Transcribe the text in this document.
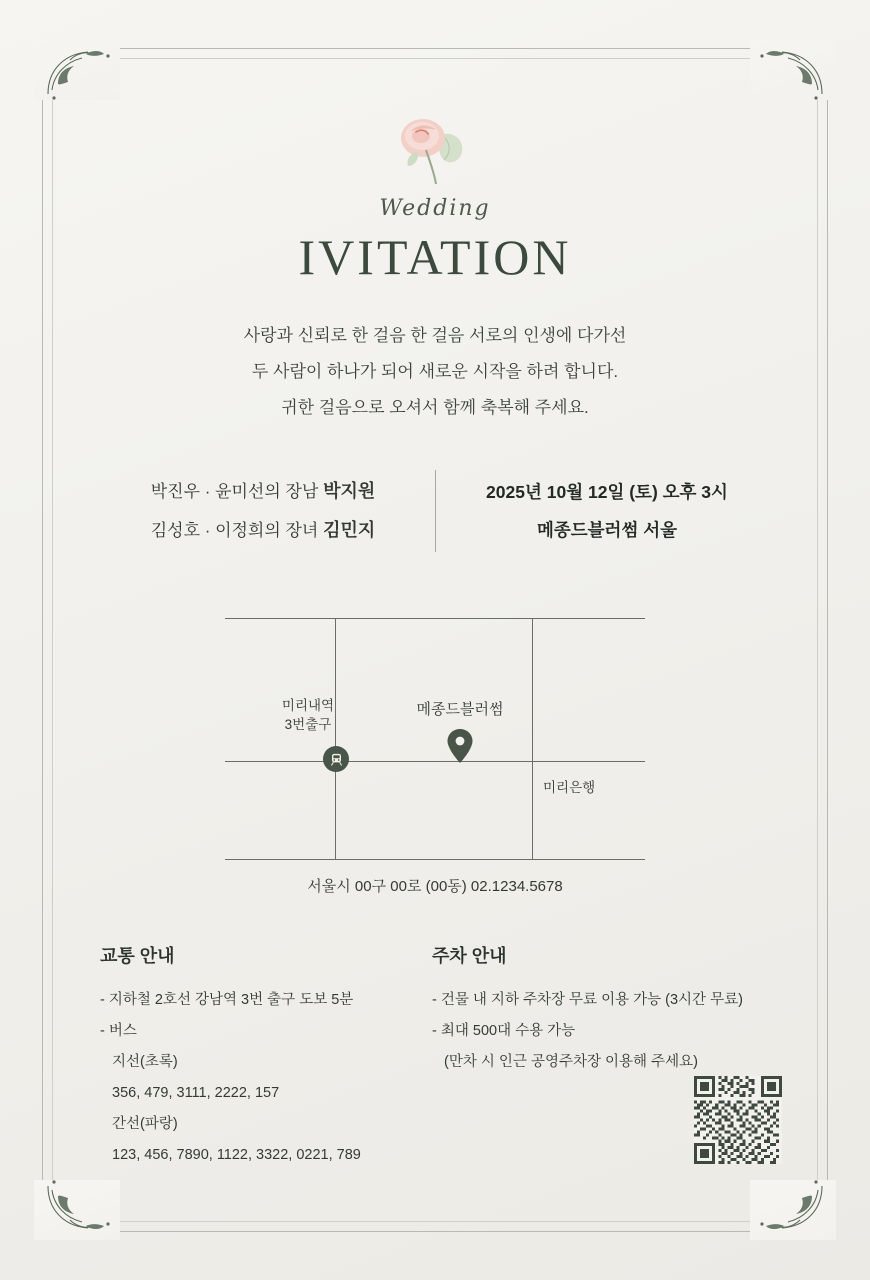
Wedding
IVITATION
사랑과 신뢰로 한 걸음 한 걸음 서로의 인생에 다가선
두 사람이 하나가 되어 새로운 시작을 하려 합니다.
귀한 걸음으로 오셔서 함께 축복해 주세요.
박진우 · 윤미선의 장남 박지원
김성호 · 이정희의 장녀 김민지
2025년 10월 12일 (토) 오후 3시
메종드블러썸 서울
미리내역
3번출구
메종드블러썸
미리은행
서울시 00구 00로 (00동) 02.1234.5678
교통 안내

- 지하철 2호선 강남역 3번 출구 도보 5분

- 버스

지선(초록)

356, 479, 3111, 2222, 157

간선(파랑)

123, 456, 7890, 1122, 3322, 0221, 789

주차 안내

- 건물 내 지하 주차장 무료 이용 가능 (3시간 무료)

- 최대 500대 수용 가능

(만차 시 인근 공영주차장 이용해 주세요)
